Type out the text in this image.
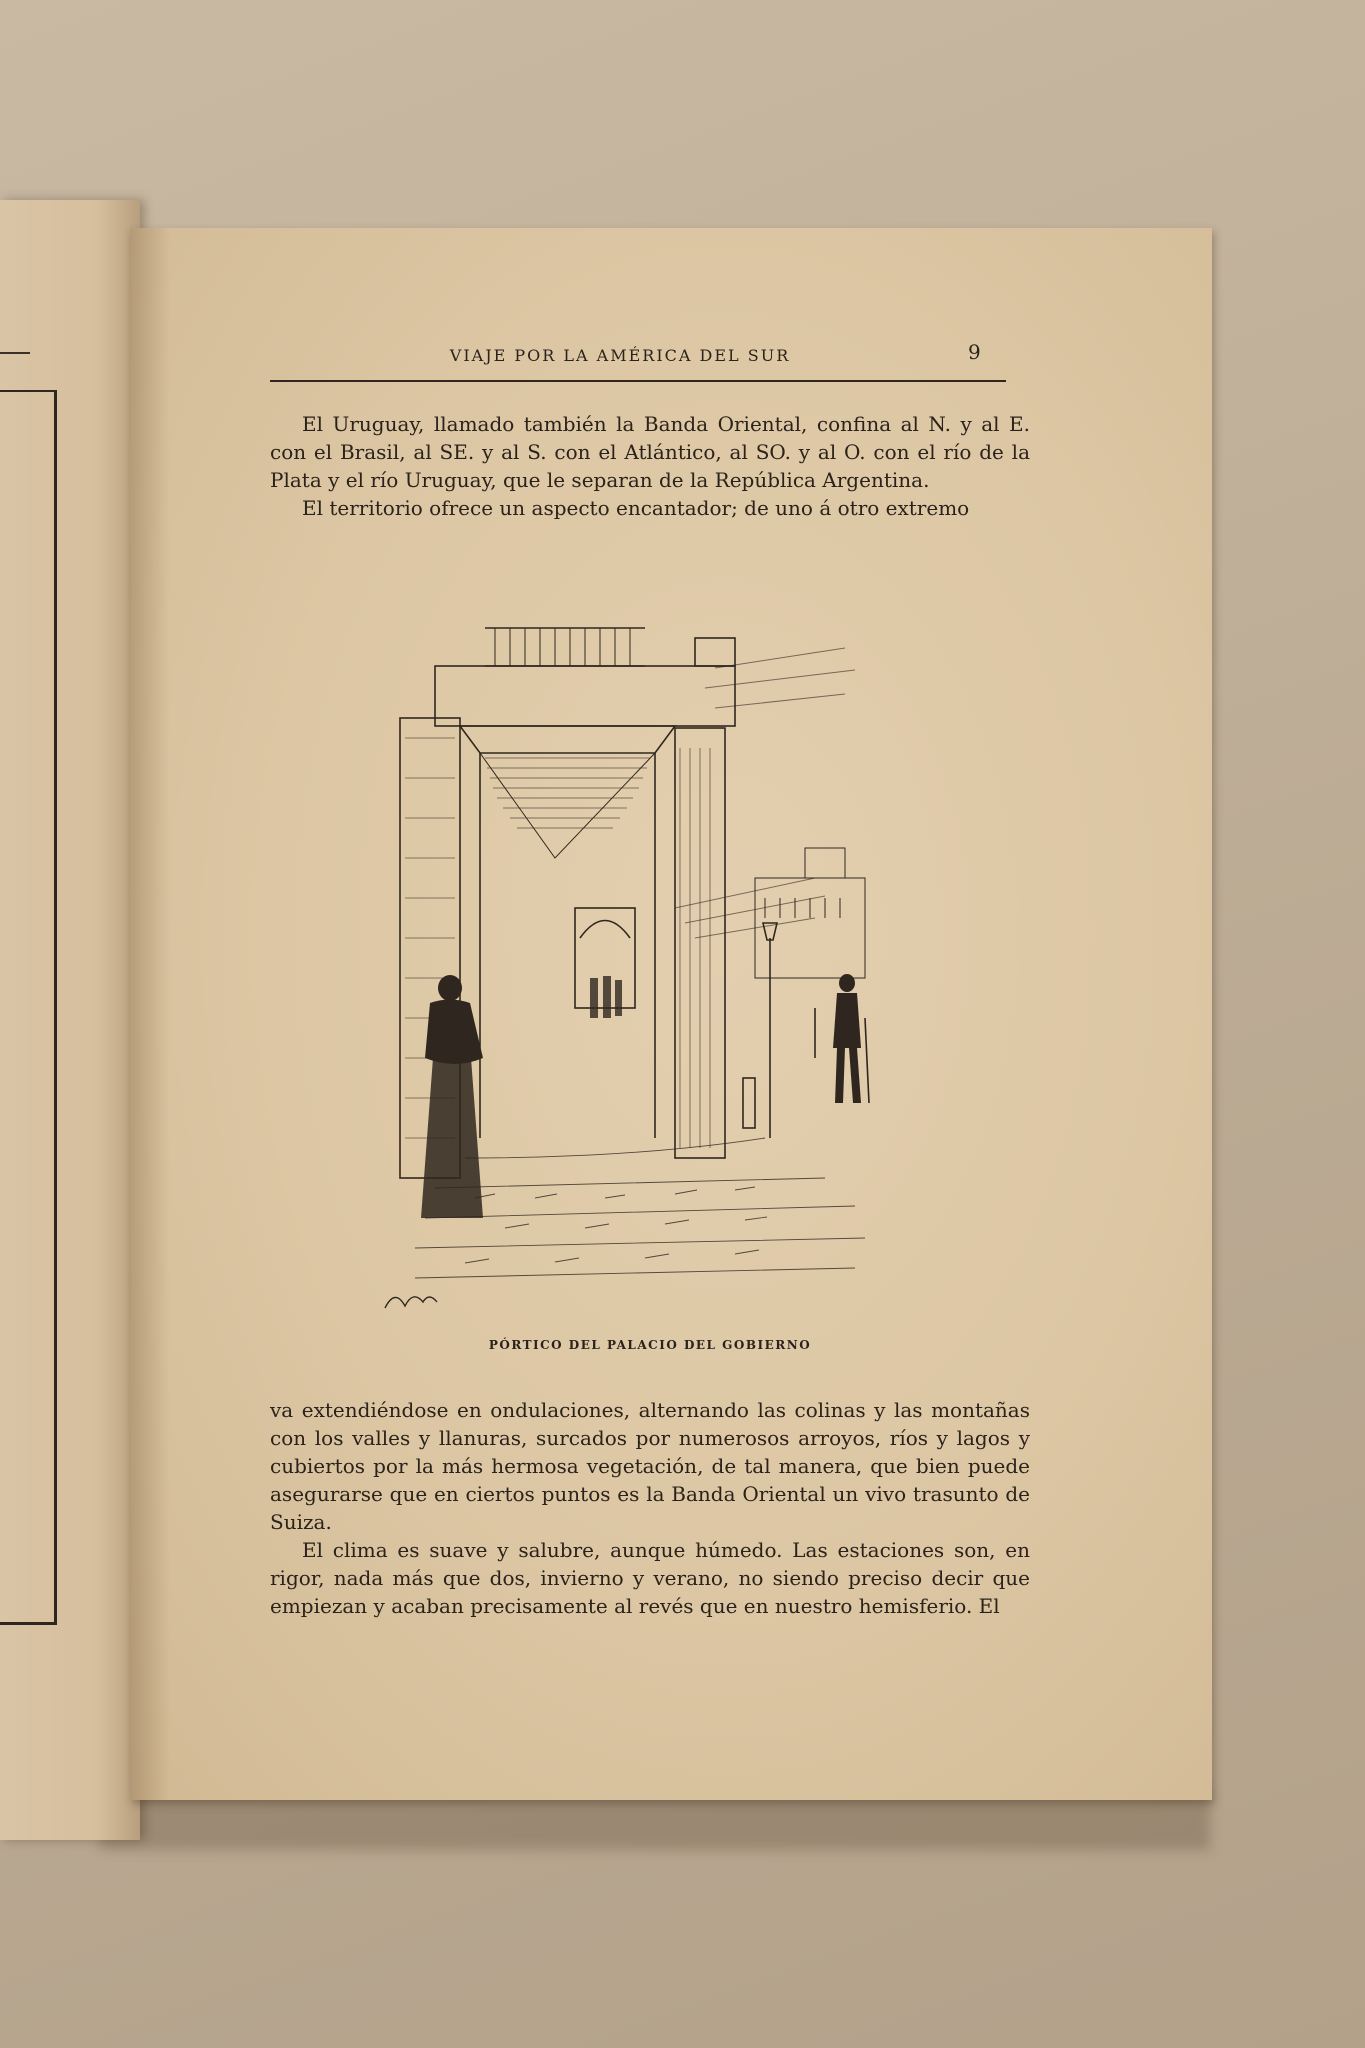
VIAJE POR LA AMÉRICA DEL SUR	9

El Uruguay, llamado también la Banda Oriental, confina al N. y al E. con el Brasil, al SE. y al S. con el Atlántico, al SO. y al O. con el río de la Plata y el río Uruguay, que le separan de la República Argentina.

El territorio ofrece un aspecto encantador; de uno á otro extremo

PÓRTICO DEL PALACIO DEL GOBIERNO

va extendiéndose en ondulaciones, alternando las colinas y las montañas con los valles y llanuras, surcados por numerosos arroyos, ríos y lagos y cubiertos por la más hermosa vegetación, de tal manera, que bien puede asegurarse que en ciertos puntos es la Banda Oriental un vivo trasunto de Suiza.

El clima es suave y salubre, aunque húmedo. Las estaciones son, en rigor, nada más que dos, invierno y verano, no siendo preciso decir que empiezan y acaban precisamente al revés que en nuestro hemisferio. El
